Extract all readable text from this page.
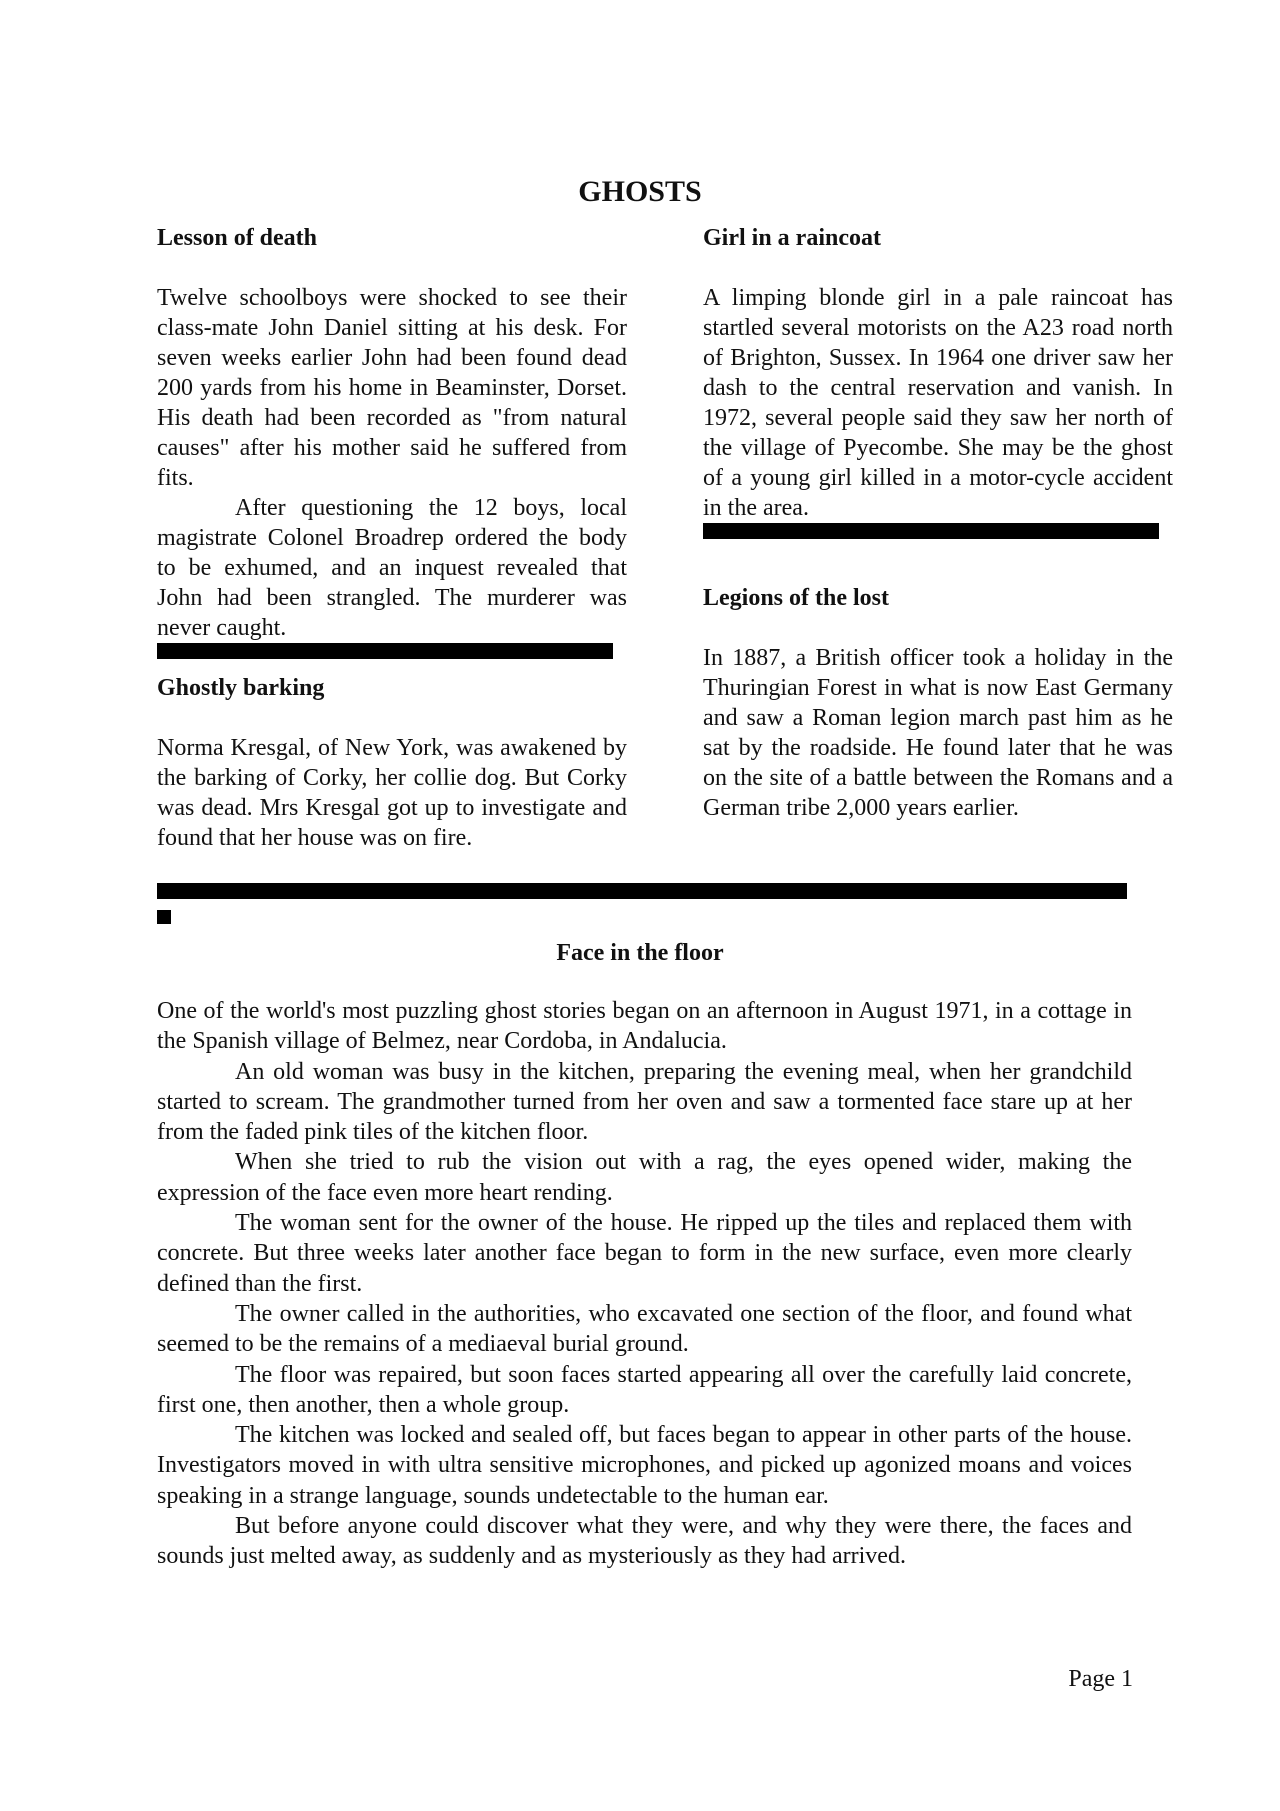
GHOSTS
Lesson of death

Twelve schoolboys were shocked to see their class-mate John Daniel sitting at his desk. For seven weeks earlier John had been found dead 200 yards from his home in Beaminster, Dorset. His death had been recorded as "from natural causes" after his mother said he suffered from fits.

After questioning the 12 boys, local magistrate Colonel Broadrep ordered the body to be exhumed, and an inquest revealed that John had been strangled. The murderer was never caught.

Ghostly barking

Norma Kresgal, of New York, was awakened by the barking of Corky, her collie dog. But Corky was dead. Mrs Kresgal got up to investigate and found that her house was on fire.

Girl in a raincoat

A limping blonde girl in a pale raincoat has startled several motorists on the A23 road north of Brighton, Sussex. In 1964 one driver saw her dash to the central reservation and vanish. In 1972, several people said they saw her north of the village of Pyecombe. She may be the ghost of a young girl killed in a motor-cycle accident in the area.

Legions of the lost

In 1887, a British officer took a holiday in the Thuringian Forest in what is now East Germany and saw a Roman legion march past him as he sat by the roadside. He found later that he was on the site of a battle between the Romans and a German tribe 2,000 years earlier.

Face in the floor

One of the world's most puzzling ghost stories began on an afternoon in August 1971, in a cottage in the Spanish village of Belmez, near Cordoba, in Andalucia.

An old woman was busy in the kitchen, preparing the evening meal, when her grandchild started to scream. The grandmother turned from her oven and saw a tormented face stare up at her from the faded pink tiles of the kitchen floor.

When she tried to rub the vision out with a rag, the eyes opened wider, making the expression of the face even more heart rending.

The woman sent for the owner of the house. He ripped up the tiles and replaced them with concrete. But three weeks later another face began to form in the new surface, even more clearly defined than the first.

The owner called in the authorities, who excavated one section of the floor, and found what seemed to be the remains of a mediaeval burial ground.

The floor was repaired, but soon faces started appearing all over the carefully laid concrete, first one, then another, then a whole group.

The kitchen was locked and sealed off, but faces began to appear in other parts of the house. Investigators moved in with ultra sensitive microphones, and picked up agonized moans and voices speaking in a strange language, sounds undetectable to the human ear.

But before anyone could discover what they were, and why they were there, the faces and sounds just melted away, as suddenly and as mysteriously as they had arrived.

Page 1
